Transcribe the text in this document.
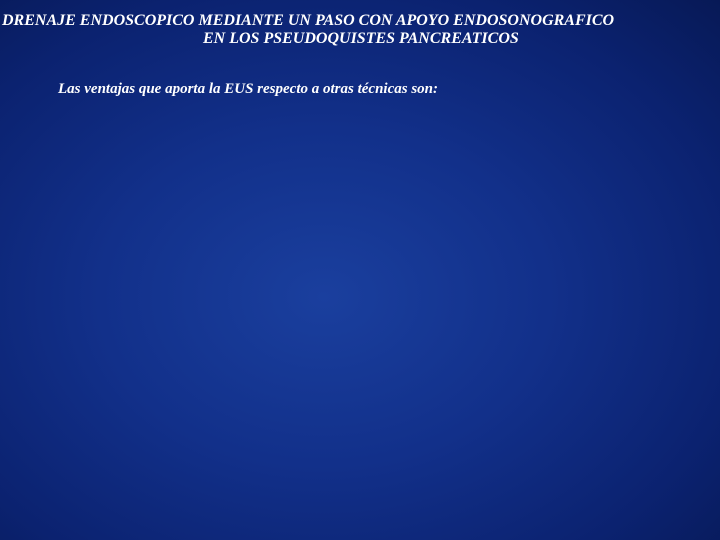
DRENAJE ENDOSCOPICO MEDIANTE UN PASO CON APOYO ENDOSONOGRAFICO
EN LOS PSEUDOQUISTES PANCREATICOS

Las ventajas que aporta la EUS respecto a otras técnicas son:
